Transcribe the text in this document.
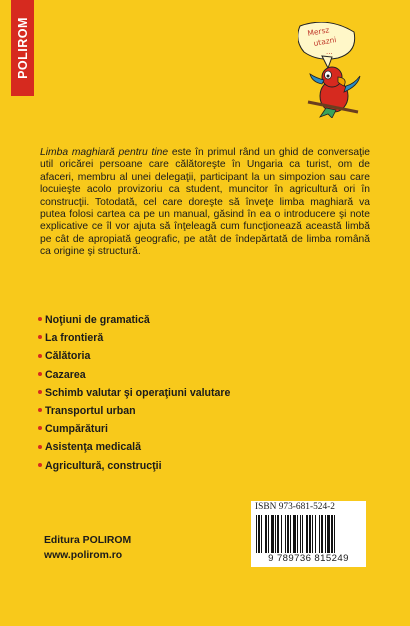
POLIROM	Mersz
utazni
...

Limba maghiară pentru tine este în primul rând un ghid de conversaţie util oricărei persoane care călătoreşte în Ungaria ca turist, om de afaceri, membru al unei delegaţii, participant la un simpozion sau care locuieşte acolo provizoriu ca student, muncitor în agricultură ori în construcţii. Totodată, cel care doreşte să înveţe limba maghiară va putea folosi cartea ca pe un manual, găsind în ea o introducere şi note explicative ce îl vor ajuta să înţeleagă cum funcţionează această limbă pe cât de apropiată geografic, pe atât de îndepărtată de limba română ca origine şi structură.

Noţiuni de gramatică
La frontieră
Călătoria
Cazarea
Schimb valutar şi operaţiuni valutare
Transportul urban
Cumpărături
Asistenţa medicală
Agricultură, construcţii
Editura POLIROM
www.polirom.ro
ISBN 973-681-524-2
9 789736 815249
